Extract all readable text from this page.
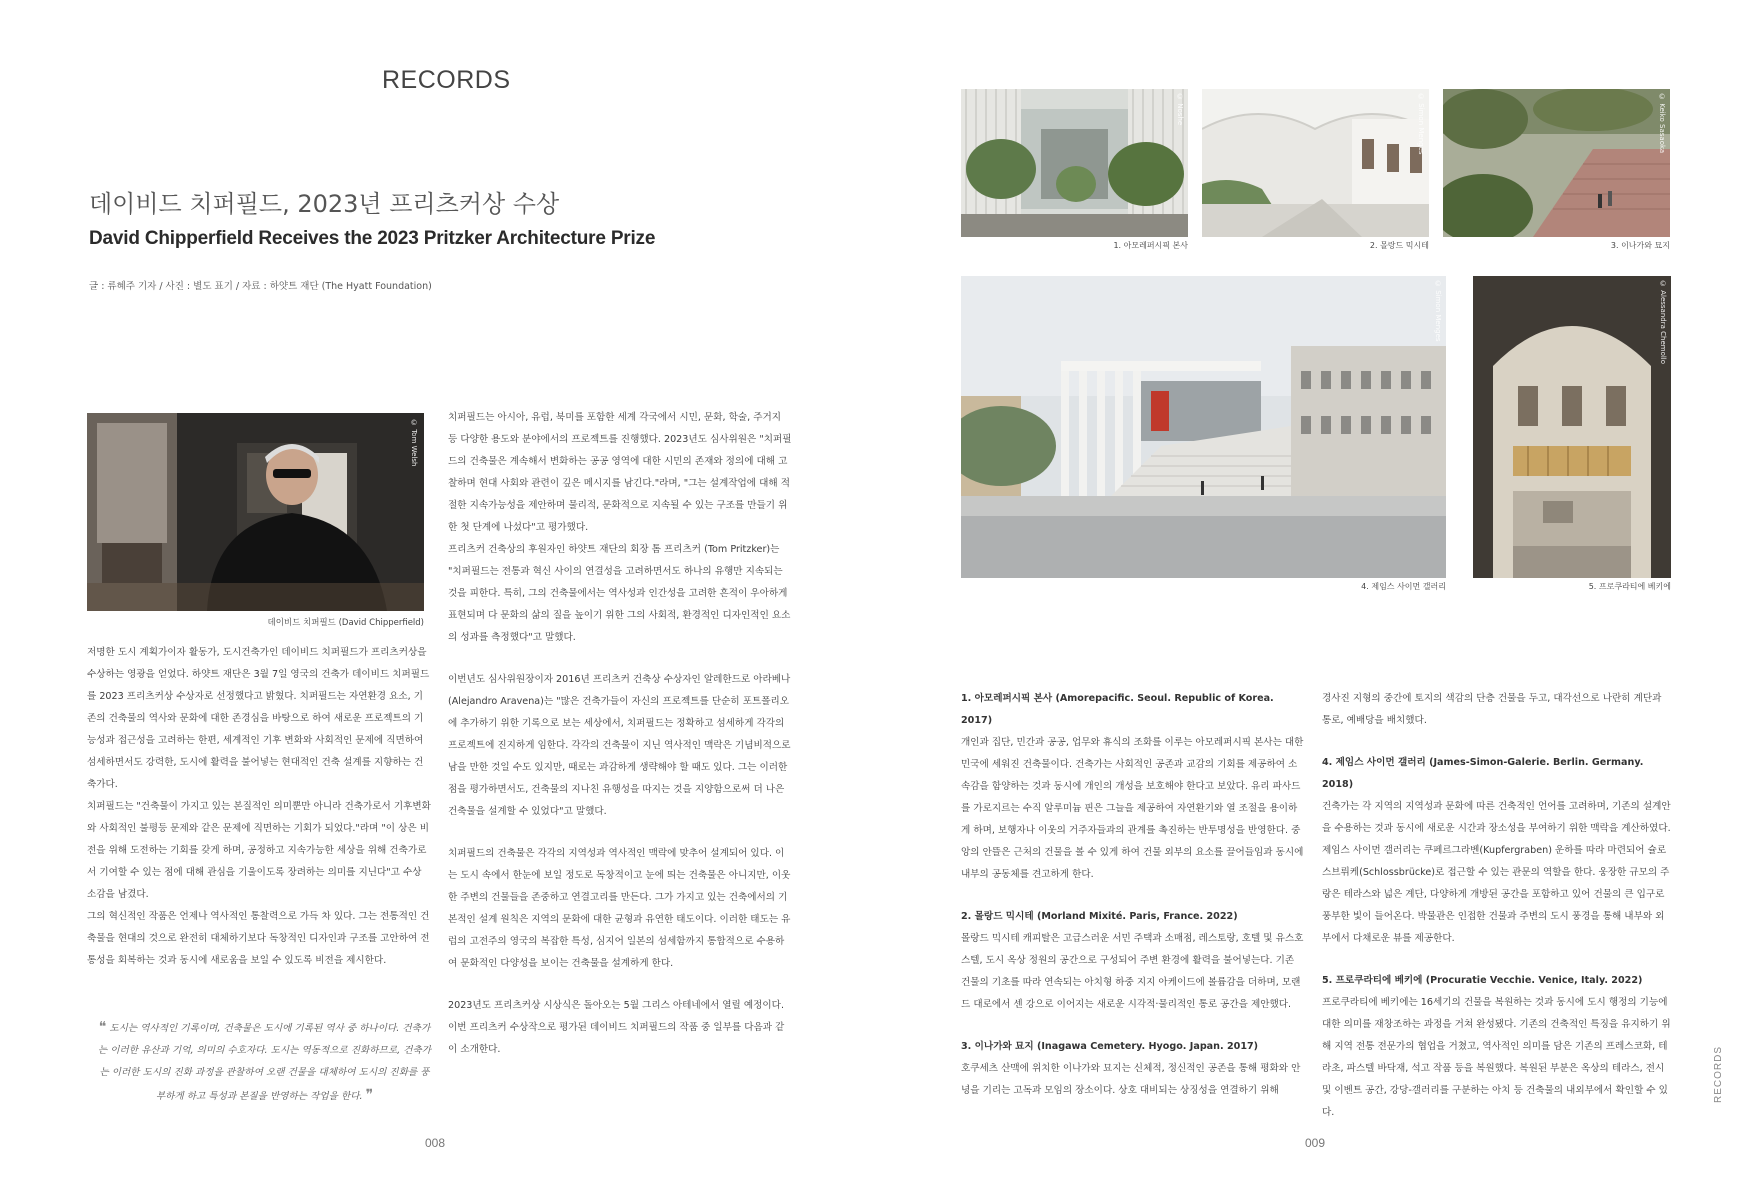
RECORDS
데이비드 치퍼필드, 2023년 프리츠커상 수상
David Chipperfield Receives the 2023 Pritzker Architecture Prize
글 : 류혜주 기자 / 사진 : 별도 표기 / 자료 : 하얏트 재단 (The Hyatt Foundation)
© Tom Welsh
데이비드 치퍼필드 (David Chipperfield)

저명한 도시 계획가이자 활동가, 도시건축가인 데이비드 치퍼필드가 프리츠커상을 수상하는 영광을 얻었다. 하얏트 재단은 3월 7일 영국의 건축가 데이비드 치퍼필드를 2023 프리츠커상 수상자로 선정했다고 밝혔다. 치퍼필드는 자연환경 요소, 기존의 건축물의 역사와 문화에 대한 존경심을 바탕으로 하여 새로운 프로젝트의 기능성과 접근성을 고려하는 한편, 세계적인 기후 변화와 사회적인 문제에 직면하여 섬세하면서도 강력한, 도시에 활력을 불어넣는 현대적인 건축 설계를 지향하는 건축가다.

치퍼필드는 "건축물이 가지고 있는 본질적인 의미뿐만 아니라 건축가로서 기후변화와 사회적인 불평등 문제와 같은 문제에 직면하는 기회가 되었다."라며 "이 상은 비전을 위해 도전하는 기회를 갖게 하며, 공정하고 지속가능한 세상을 위해 건축가로서 기여할 수 있는 점에 대해 관심을 기울이도록 장려하는 의미를 지닌다"고 수상 소감을 남겼다.

그의 혁신적인 작품은 언제나 역사적인 통찰력으로 가득 차 있다. 그는 전통적인 건축물을 현대의 것으로 완전히 대체하기보다 독창적인 디자인과 구조를 고안하여 전통성을 회복하는 것과 동시에 새로움을 보일 수 있도록 비전을 제시한다.

❝ 도시는 역사적인 기록이며, 건축물은 도시에 기록된 역사 중 하나이다. 건축가는 이러한 유산과 기억, 의미의 수호자다. 도시는 역동적으로 진화하므로, 건축가는 이러한 도시의 진화 과정을 관찰하여 오랜 건물을 대체하여 도시의 진화를 풍부하게 하고 특성과 본질을 반영하는 작업을 한다. ❞

치퍼필드는 아시아, 유럽, 북미를 포함한 세계 각국에서 시민, 문화, 학술, 주거지 등 다양한 용도와 분야에서의 프로젝트를 진행했다. 2023년도 심사위원은 "치퍼필드의 건축물은 계속해서 변화하는 공공 영역에 대한 시민의 존재와 정의에 대해 고찰하며 현대 사회와 관련이 깊은 메시지를 남긴다."라며, "그는 설계작업에 대해 적절한 지속가능성을 제안하며 물리적, 문화적으로 지속될 수 있는 구조를 만들기 위한 첫 단계에 나섰다"고 평가했다.

프리츠커 건축상의 후원자인 하얏트 재단의 회장 톰 프리츠커 (Tom Pritzker)는 "치퍼필드는 전통과 혁신 사이의 연결성을 고려하면서도 하나의 유행만 지속되는 것을 피한다. 특히, 그의 건축물에서는 역사성과 인간성을 고려한 흔적이 우아하게 표현되며 다 문화의 삶의 질을 높이기 위한 그의 사회적, 환경적인 디자인적인 요소의 성과를 측정했다"고 말했다.

이번년도 심사위원장이자 2016년 프리츠커 건축상 수상자인 알레한드로 아라베나(Alejandro Aravena)는 "많은 건축가들이 자신의 프로젝트를 단순히 포트폴리오에 추가하기 위한 기록으로 보는 세상에서, 치퍼필드는 정확하고 섬세하게 각각의 프로젝트에 진지하게 임한다. 각각의 건축물이 지닌 역사적인 맥락은 기념비적으로 남을 만한 것일 수도 있지만, 때로는 과감하게 생략해야 할 때도 있다. 그는 이러한 점을 평가하면서도, 건축물의 지나친 유행성을 따지는 것을 지양함으로써 더 나은 건축물을 설계할 수 있었다"고 말했다.

치퍼필드의 건축물은 각각의 지역성과 역사적인 맥락에 맞추어 설계되어 있다. 이는 도시 속에서 한눈에 보일 정도로 독창적이고 눈에 띄는 건축물은 아니지만, 이웃한 주변의 건물들을 존중하고 연결고리를 만든다. 그가 가지고 있는 건축에서의 기본적인 설계 원칙은 지역의 문화에 대한 균형과 유연한 태도이다. 이러한 태도는 유럽의 고전주의 영국의 복잡한 특성, 심지어 일본의 섬세함까지 통합적으로 수용하여 문화적인 다양성을 보이는 건축물을 설계하게 한다.

2023년도 프리츠커상 시상식은 돌아오는 5월 그리스 아테네에서 열릴 예정이다. 이번 프리츠커 수상작으로 평가된 데이비드 치퍼필드의 작품 중 일부를 다음과 같이 소개한다.

008
© Noshe
1. 아모레퍼시픽 본사
© Simon Menges
2. 몰랑드 믹시테
© Keiko Sasaoka
3. 이나가와 묘지
© Simon Menges
4. 제임스 사이먼 갤러리
© Alessandra Chemollo
5. 프로쿠라티에 베키에

1. 아모레퍼시픽 본사 (Amorepacific. Seoul. Republic of Korea. 2017)

개인과 집단, 민간과 공공, 업무와 휴식의 조화를 이루는 아모레퍼시픽 본사는 대한민국에 세워진 건축물이다. 건축가는 사회적인 공존과 교감의 기회를 제공하여 소속감을 함양하는 것과 동시에 개인의 개성을 보호해야 한다고 보았다. 유리 파사드를 가로지르는 수직 알루미늄 핀은 그늘을 제공하여 자연환기와 열 조절을 용이하게 하며, 보행자나 이웃의 거주자들과의 관계를 촉진하는 반투명성을 반영한다. 중앙의 안뜰은 근처의 건물을 볼 수 있게 하여 건물 외부의 요소를 끌어들임과 동시에 내부의 공동체를 견고하게 한다.

2. 몰랑드 믹시테 (Morland Mixité. Paris, France. 2022)

몰랑드 믹시테 캐피탈은 고급스러운 서민 주택과 소매점, 레스토랑, 호텔 및 유스호스텔, 도시 옥상 정원의 공간으로 구성되어 주변 환경에 활력을 불어넣는다. 기존 건물의 기초를 따라 연속되는 아치형 하중 지지 아케이드에 볼륨감을 더하며, 모랜드 대로에서 센 강으로 이어지는 새로운 시각적·물리적인 통로 공간을 제안했다.

3. 이나가와 묘지 (Inagawa Cemetery. Hyogo. Japan. 2017)

호쿠세츠 산맥에 위치한 이나가와 묘지는 신체적, 정신적인 공존을 통해 평화와 안녕을 기리는 고독과 모임의 장소이다. 상호 대비되는 상징성을 연결하기 위해

경사진 지형의 중간에 토지의 색감의 단층 건물을 두고, 대각선으로 나란히 계단과 통로, 예배당을 배치했다.

4. 제임스 사이먼 갤러리 (James-Simon-Galerie. Berlin. Germany. 2018)

건축가는 각 지역의 지역성과 문화에 따른 건축적인 언어를 고려하며, 기존의 설계안을 수용하는 것과 동시에 새로운 시간과 장소성을 부여하기 위한 맥락을 계산하였다. 제임스 사이먼 갤러리는 쿠페르그라벤(Kupfergraben) 운하를 따라 마련되어 슐로스브뤼케(Schlossbrücke)로 접근할 수 있는 관문의 역할을 한다. 웅장한 규모의 주랑은 테라스와 넓은 계단, 다양하게 개방된 공간을 포함하고 있어 건물의 큰 입구로 풍부한 빛이 들어온다. 박물관은 인접한 건물과 주변의 도시 풍경을 통해 내부와 외부에서 다채로운 뷰를 제공한다.

5. 프로쿠라티에 베키에 (Procuratie Vecchie. Venice, Italy. 2022)

프로쿠라티에 베키에는 16세기의 건물을 복원하는 것과 동시에 도시 행정의 기능에 대한 의미를 재창조하는 과정을 거쳐 완성됐다. 기존의 건축적인 특징을 유지하기 위해 지역 전통 전문가의 협업을 거쳤고, 역사적인 의미를 담은 기존의 프레스코화, 테라초, 파스텔 바닥재, 석고 작품 등을 복원했다. 복원된 부분은 옥상의 테라스, 전시 및 이벤트 공간, 강당-갤러리를 구분하는 아치 등 건축물의 내외부에서 확인할 수 있다.

009
RECORDS
